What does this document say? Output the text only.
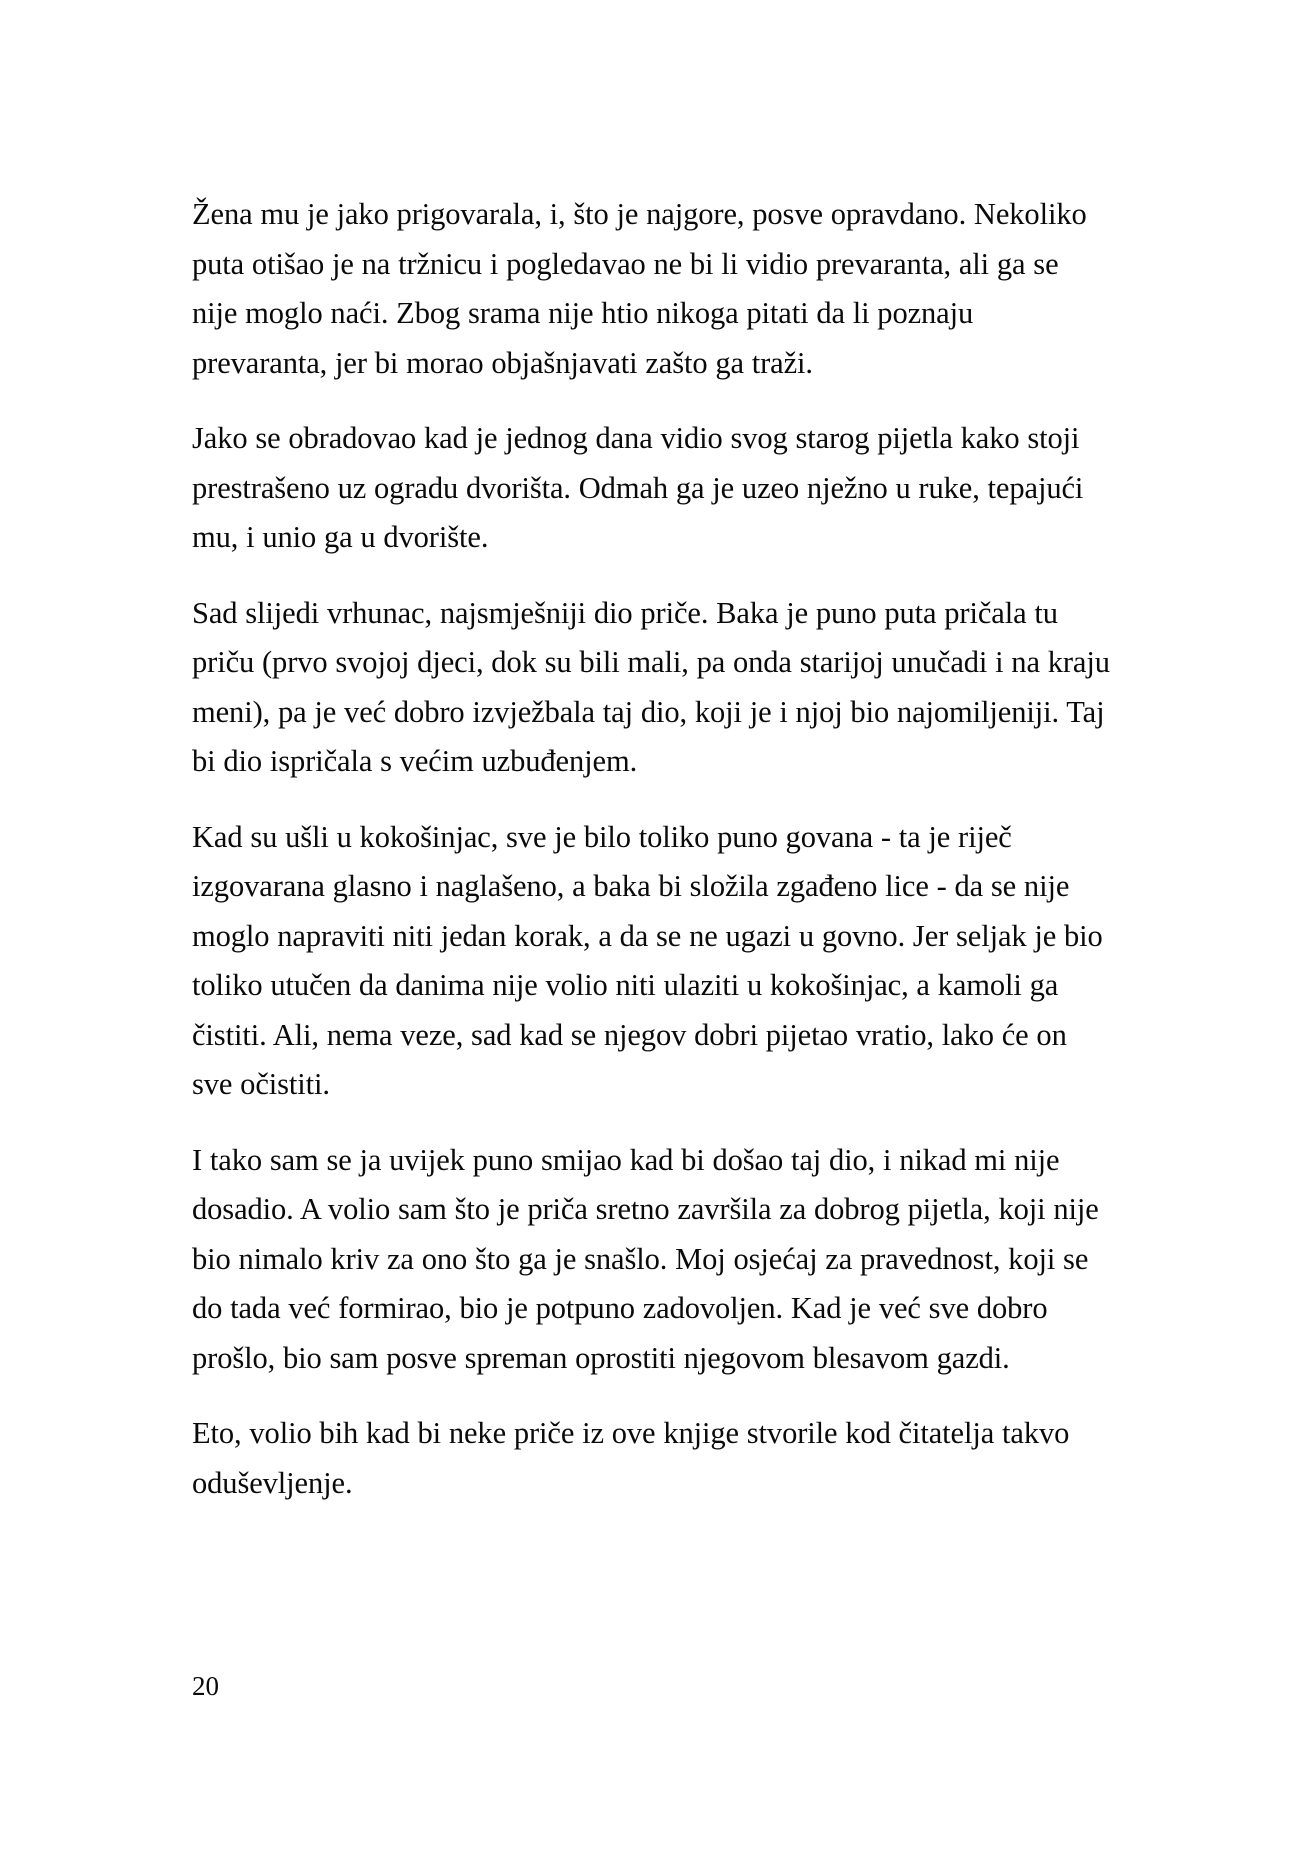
Žena mu je jako prigovarala, i, što je najgore, posve opravdano. Nekoliko puta otišao je na tržnicu i pogledavao ne bi li vidio prevaranta, ali ga se nije moglo naći. Zbog srama nije htio nikoga pitati da li poznaju prevaranta, jer bi morao objašnjavati zašto ga traži.

Jako se obradovao kad je jednog dana vidio svog starog pijetla kako stoji prestrašeno uz ogradu dvorišta. Odmah ga je uzeo nježno u ruke, tepajući mu, i unio ga u dvorište.

Sad slijedi vrhunac, najsmješniji dio priče. Baka je puno puta pričala tu priču (prvo svojoj djeci, dok su bili mali, pa onda starijoj unučadi i na kraju meni), pa je već dobro izvježbala taj dio, koji je i njoj bio najomiljeniji. Taj bi dio ispričala s većim uzbuđenjem.

Kad su ušli u kokošinjac, sve je bilo toliko puno govana - ta je riječ izgovarana glasno i naglašeno, a baka bi složila zgađeno lice - da se nije moglo napraviti niti jedan korak, a da se ne ugazi u govno. Jer seljak je bio toliko utučen da danima nije volio niti ulaziti u kokošinjac, a kamoli ga čistiti. Ali, nema veze, sad kad se njegov dobri pijetao vratio, lako će on sve očistiti.

I tako sam se ja uvijek puno smijao kad bi došao taj dio, i nikad mi nije dosadio. A volio sam što je priča sretno završila za dobrog pijetla, koji nije bio nimalo kriv za ono što ga je snašlo. Moj osjećaj za pravednost, koji se do tada već formirao, bio je potpuno zadovoljen. Kad je već sve dobro prošlo, bio sam posve spreman oprostiti njegovom blesavom gazdi.

Eto, volio bih kad bi neke priče iz ove knjige stvorile kod čitatelja takvo oduševljenje.

20
